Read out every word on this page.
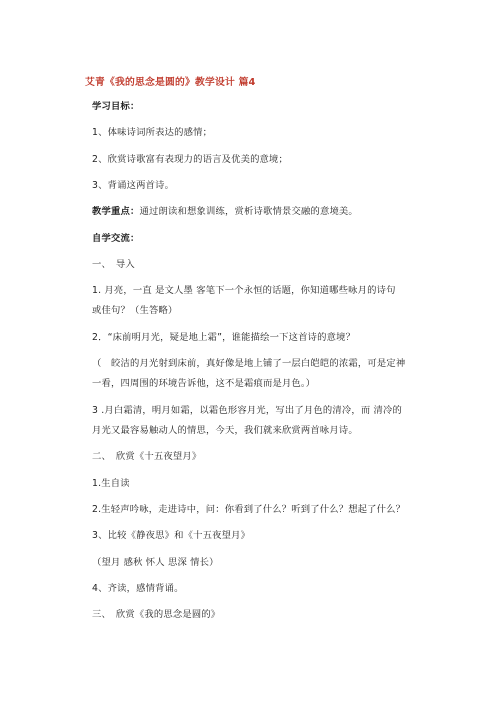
艾青《我的思念是圆的》教学设计 篇4
学习目标：
1、体味诗词所表达的感情；
2、欣赏诗歌富有表现力的语言及优美的意境；
3、背诵这两首诗。
教学重点：通过朗读和想象训练，赏析诗歌情景交融的意境美。
自学交流：
一、　导入
1. 月亮，一直 是文人墨 客笔下一个永恒的话题，你知道哪些咏月的诗句
或佳句？（生答略）
2．“床前明月光，疑是地上霜”，谁能描绘一下这首诗的意境？
（　皎洁的月光射到床前，真好像是地上铺了一层白皑皑的浓霜，可是定神
一看，四周围的环境告诉他，这不是霜痕而是月色。）
3 .月白霜清，明月如霜，以霜色形容月光，写出了月色的清冷，而 清冷的
月光又最容易触动人的情思，今天，我们就来欣赏两首咏月诗。
二、　欣赏《十五夜望月》
1.生自读
2.生轻声吟咏，走进诗中，问：你看到了什么？听到了什么？想起了什么？
3、比较《静夜思》和《十五夜望月》
（望月 感秋 怀人 思深 情长）
4、齐读，感情背诵。
三、　欣赏《我的思念是圆的》
